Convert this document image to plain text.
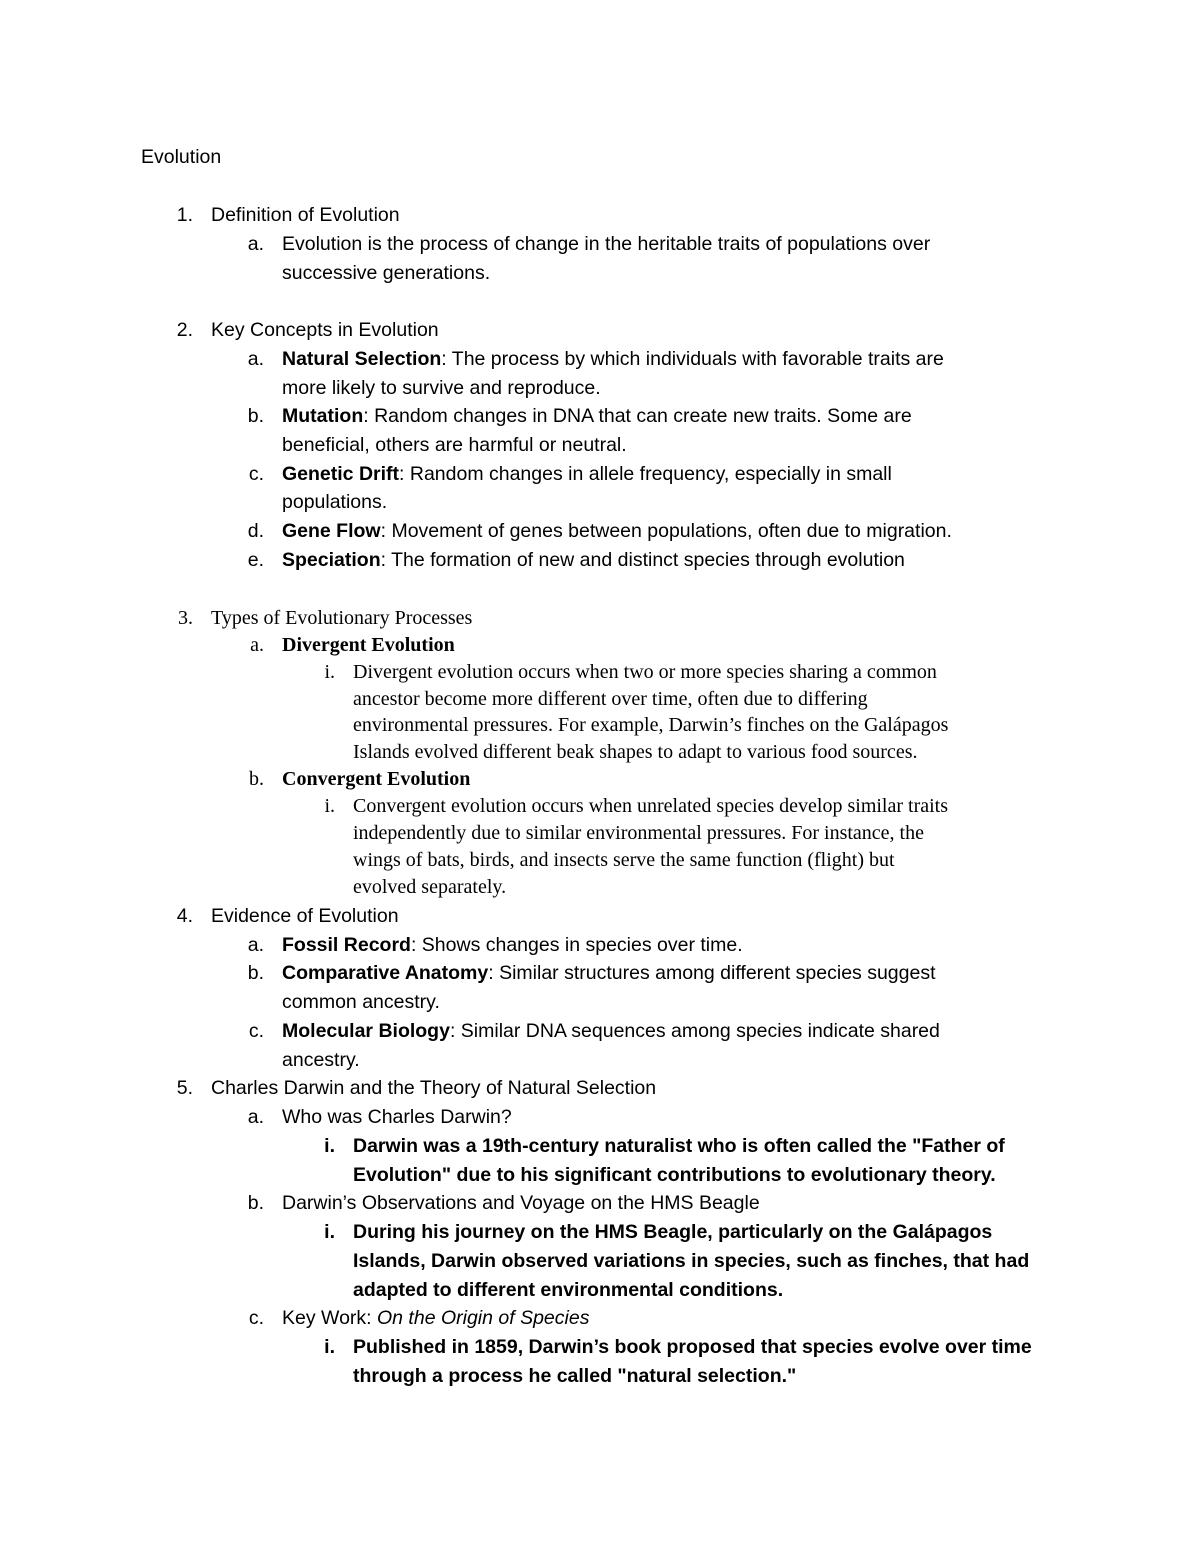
Evolution
1. Definition of Evolution
a. Evolution is the process of change in the heritable traits of populations over
successive generations.
2. Key Concepts in Evolution
a. Natural Selection: The process by which individuals with favorable traits are
more likely to survive and reproduce.
b. Mutation: Random changes in DNA that can create new traits. Some are
beneficial, others are harmful or neutral.
c. Genetic Drift: Random changes in allele frequency, especially in small
populations.
d. Gene Flow: Movement of genes between populations, often due to migration.
e. Speciation: The formation of new and distinct species through evolution
3. Types of Evolutionary Processes
a. Divergent Evolution
i. Divergent evolution occurs when two or more species sharing a common
ancestor become more different over time, often due to differing
environmental pressures. For example, Darwin’s finches on the Galápagos
Islands evolved different beak shapes to adapt to various food sources.
b. Convergent Evolution
i. Convergent evolution occurs when unrelated species develop similar traits
independently due to similar environmental pressures. For instance, the
wings of bats, birds, and insects serve the same function (flight) but
evolved separately.
4. Evidence of Evolution
a. Fossil Record: Shows changes in species over time.
b. Comparative Anatomy: Similar structures among different species suggest
common ancestry.
c. Molecular Biology: Similar DNA sequences among species indicate shared
ancestry.
5. Charles Darwin and the Theory of Natural Selection
a. Who was Charles Darwin?
i. Darwin was a 19th-century naturalist who is often called the "Father of
Evolution" due to his significant contributions to evolutionary theory.
b. Darwin’s Observations and Voyage on the HMS Beagle
i. During his journey on the HMS Beagle, particularly on the Galápagos
Islands, Darwin observed variations in species, such as finches, that had
adapted to different environmental conditions.
c. Key Work: On the Origin of Species
i. Published in 1859, Darwin’s book proposed that species evolve over time
through a process he called "natural selection."
